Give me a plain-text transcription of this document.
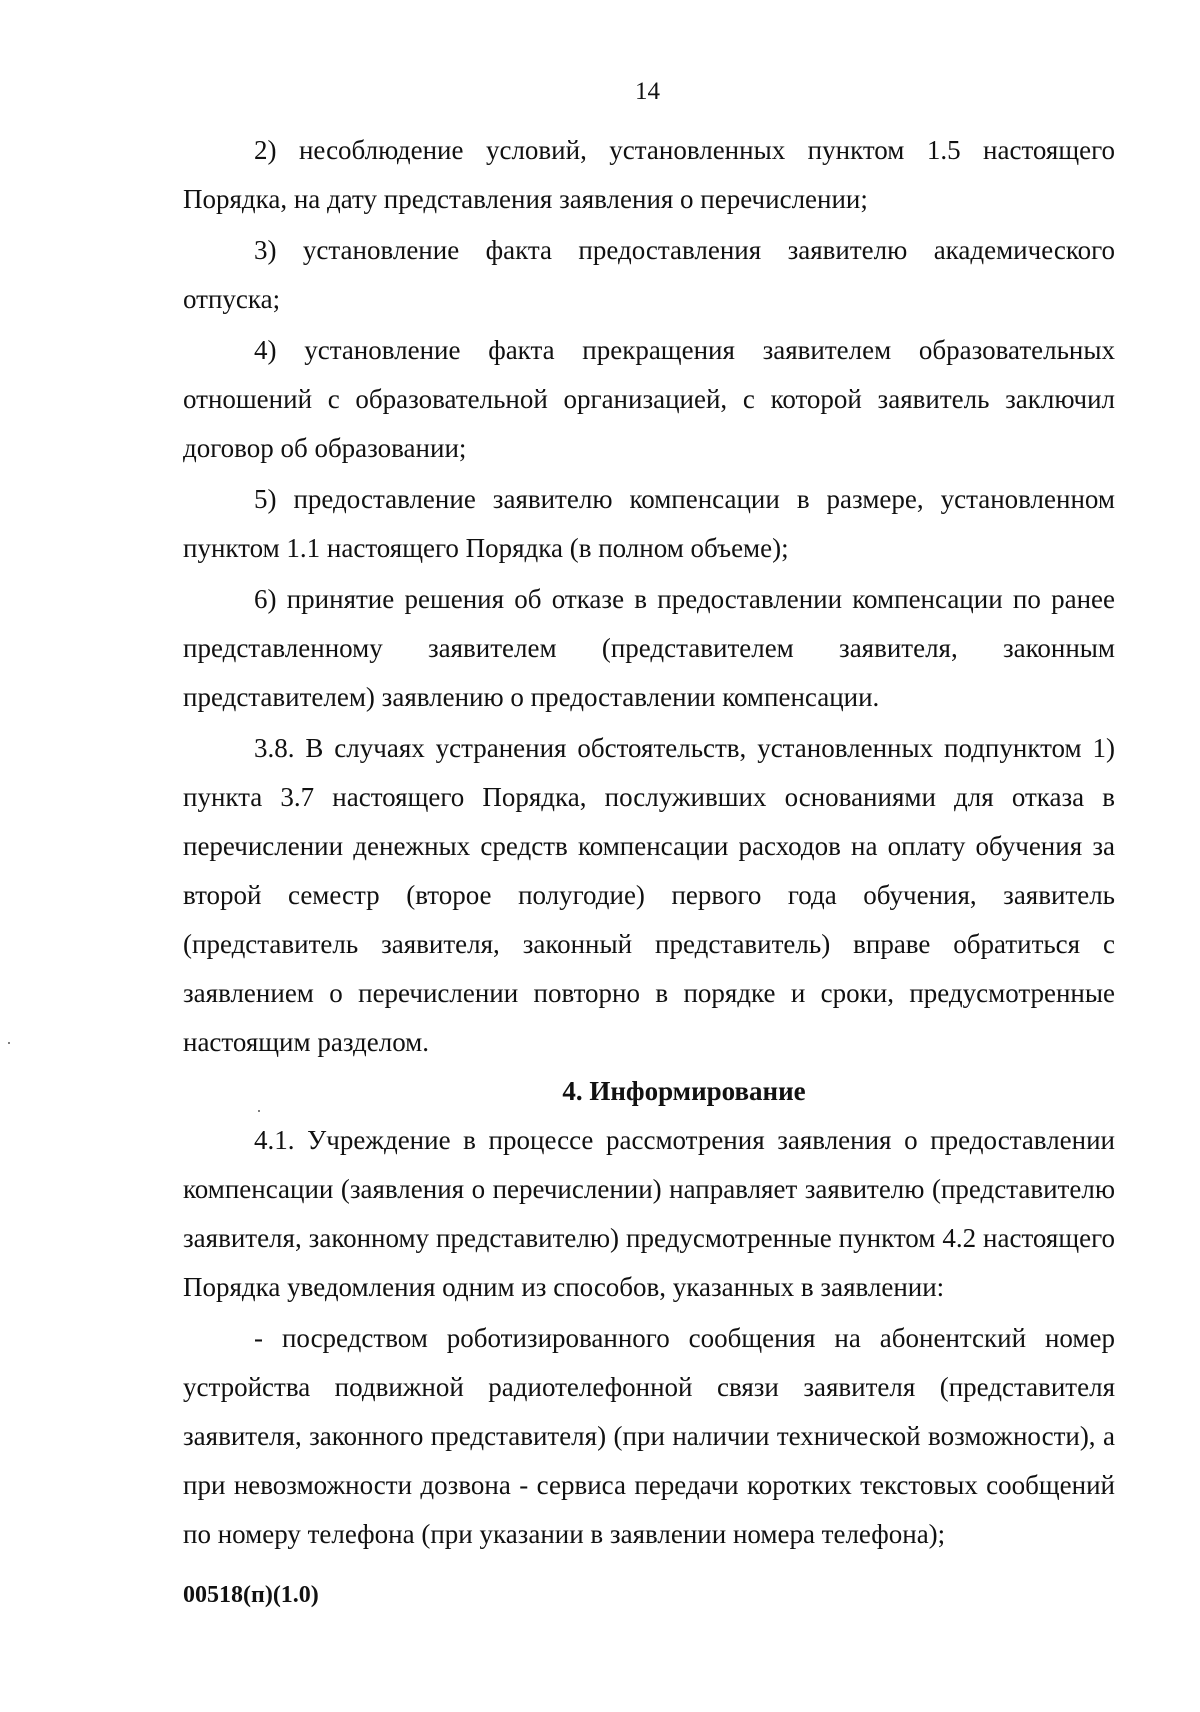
14

2) несоблюдение условий, установленных пунктом 1.5 настоящего Порядка, на дату представления заявления о перечислении;

3) установление факта предоставления заявителю академического отпуска;

4) установление факта прекращения заявителем образовательных отношений с образовательной организацией, с которой заявитель заключил договор об образовании;

5) предоставление заявителю компенсации в размере, установленном пунктом 1.1 настоящего Порядка (в полном объеме);

6) принятие решения об отказе в предоставлении компенсации по ранее представленному заявителем (представителем заявителя, законным представителем) заявлению о предоставлении компенсации.

3.8. В случаях устранения обстоятельств, установленных подпунктом 1) пункта 3.7 настоящего Порядка, послуживших основаниями для отказа в перечислении денежных средств компенсации расходов на оплату обучения за второй семестр (второе полугодие) первого года обучения, заявитель (представитель заявителя, законный представитель) вправе обратиться с заявлением о перечислении повторно в порядке и сроки, предусмотренные настоящим разделом.

4. Информирование

4.1. Учреждение в процессе рассмотрения заявления о предоставлении компенсации (заявления о перечислении) направляет заявителю (представителю заявителя, законному представителю) предусмотренные пунктом 4.2 настоящего Порядка уведомления одним из способов, указанных в заявлении:

- посредством роботизированного сообщения на абонентский номер устройства подвижной радиотелефонной связи заявителя (представителя заявителя, законного представителя) (при наличии технической возможности), а при невозможности дозвона - сервиса передачи коротких текстовых сообщений по номеру телефона (при указании в заявлении номера телефона);

00518(п)(1.0)
